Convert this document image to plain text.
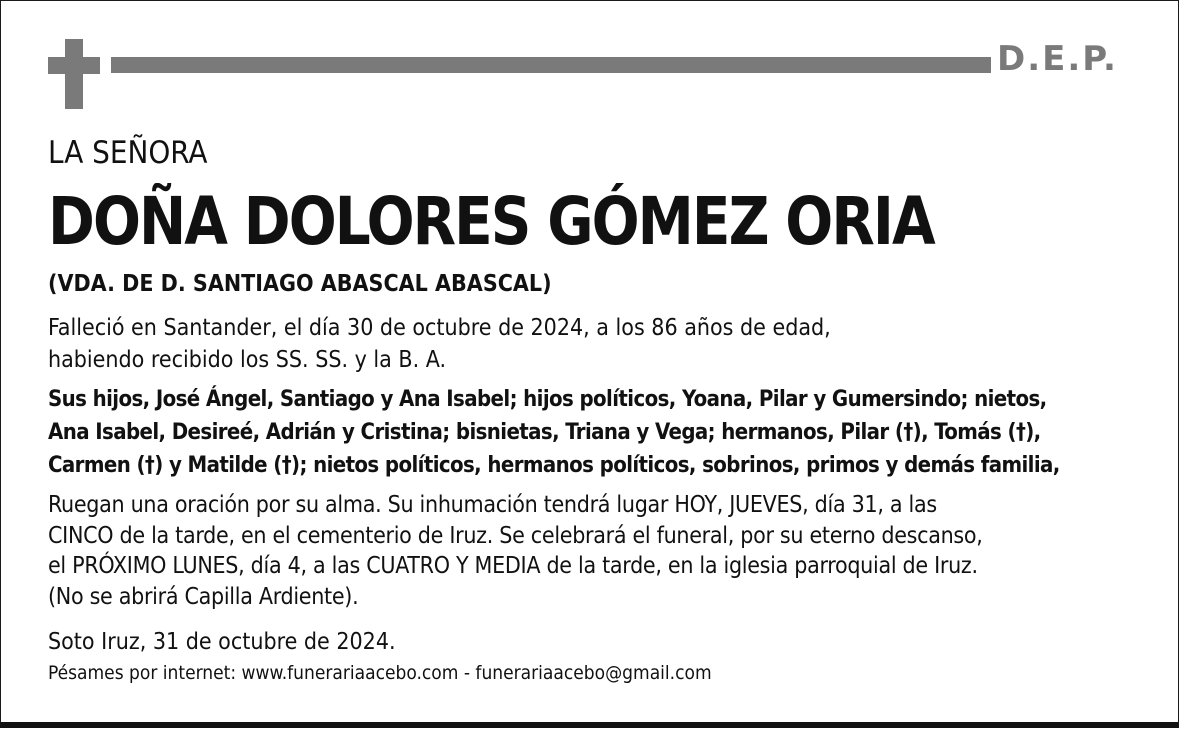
D.E.P.
LA SEÑORA
DOÑA DOLORES GÓMEZ ORIA
(VDA. DE D. SANTIAGO ABASCAL ABASCAL)
Falleció en Santander, el día 30 de octubre de 2024, a los 86 años de edad,
habiendo recibido los SS. SS. y la B. A.
Sus hijos, José Ángel, Santiago y Ana Isabel; hijos políticos, Yoana, Pilar y Gumersindo; nietos,
Ana Isabel, Desireé, Adrián y Cristina; bisnietas, Triana y Vega; hermanos, Pilar (†), Tomás (†),
Carmen (†) y Matilde (†); nietos políticos, hermanos políticos, sobrinos, primos y demás familia,
Ruegan una oración por su alma. Su inhumación tendrá lugar HOY, JUEVES, día 31, a las
CINCO de la tarde, en el cementerio de Iruz. Se celebrará el funeral, por su eterno descanso,
el PRÓXIMO LUNES, día 4, a las CUATRO Y MEDIA de la tarde, en la iglesia parroquial de Iruz.
(No se abrirá Capilla Ardiente).
Soto Iruz, 31 de octubre de 2024.
Pésames por internet: www.funerariaacebo.com - funerariaacebo@gmail.com
